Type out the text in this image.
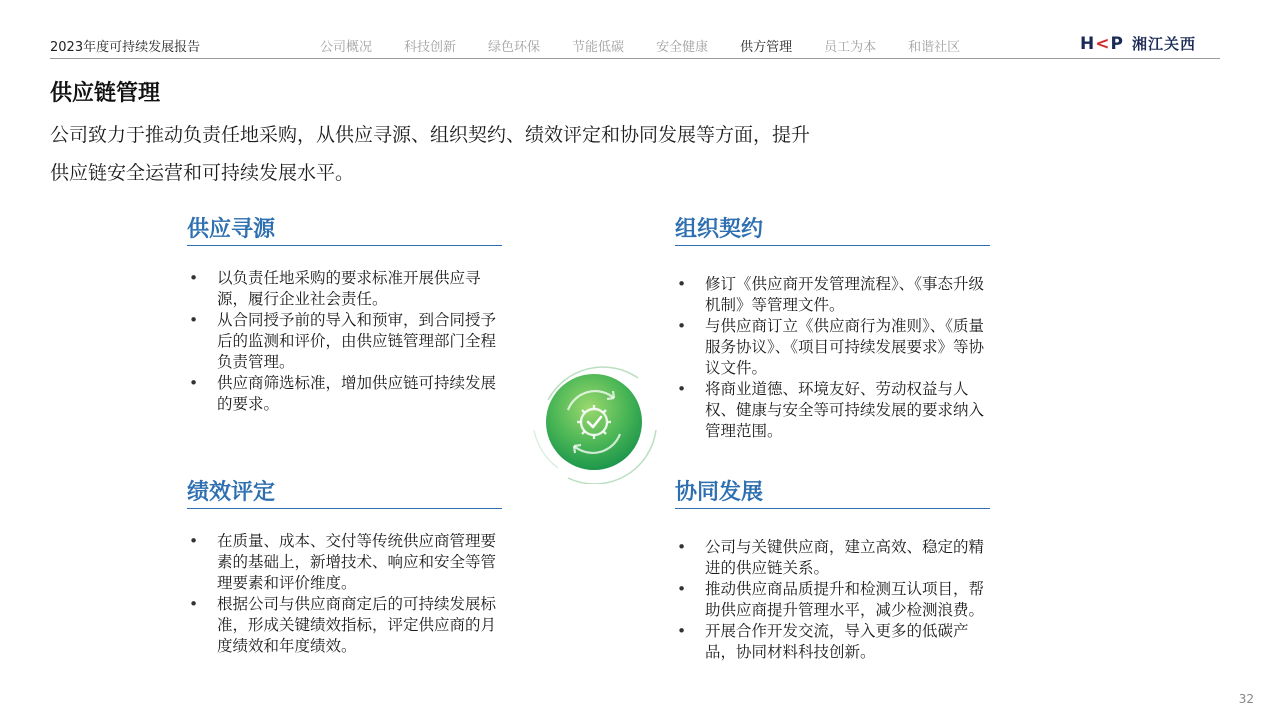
2023年度可持续发展报告	公司概况 科技创新 绿色环保 节能低碳 安全健康 供方管理 员工为本 和谐社区	H<P 湘江关西
供应链管理
公司致力于推动负责任地采购，从供应寻源、组织契约、绩效评定和协同发展等方面，提升
供应链安全运营和可持续发展水平。
供应寻源
• 以负责任地采购的要求标准开展供应寻源，履行企业社会责任。
• 从合同授予前的导入和预审，到合同授予后的监测和评价，由供应链管理部门全程负责管理。
• 供应商筛选标准，增加供应链可持续发展的要求。
组织契约
• 修订《供应商开发管理流程》、《事态升级机制》等管理文件。
• 与供应商订立《供应商行为准则》、《质量服务协议》、《项目可持续发展要求》等协议文件。
• 将商业道德、环境友好、劳动权益与人权、健康与安全等可持续发展的要求纳入管理范围。
绩效评定
• 在质量、成本、交付等传统供应商管理要素的基础上，新增技术、响应和安全等管理要素和评价维度。
• 根据公司与供应商商定后的可持续发展标准，形成关键绩效指标，评定供应商的月度绩效和年度绩效。
协同发展
• 公司与关键供应商，建立高效、稳定的精进的供应链关系。
• 推动供应商品质提升和检测互认项目，帮助供应商提升管理水平，减少检测浪费。
• 开展合作开发交流，导入更多的低碳产品，协同材料科技创新。
32
